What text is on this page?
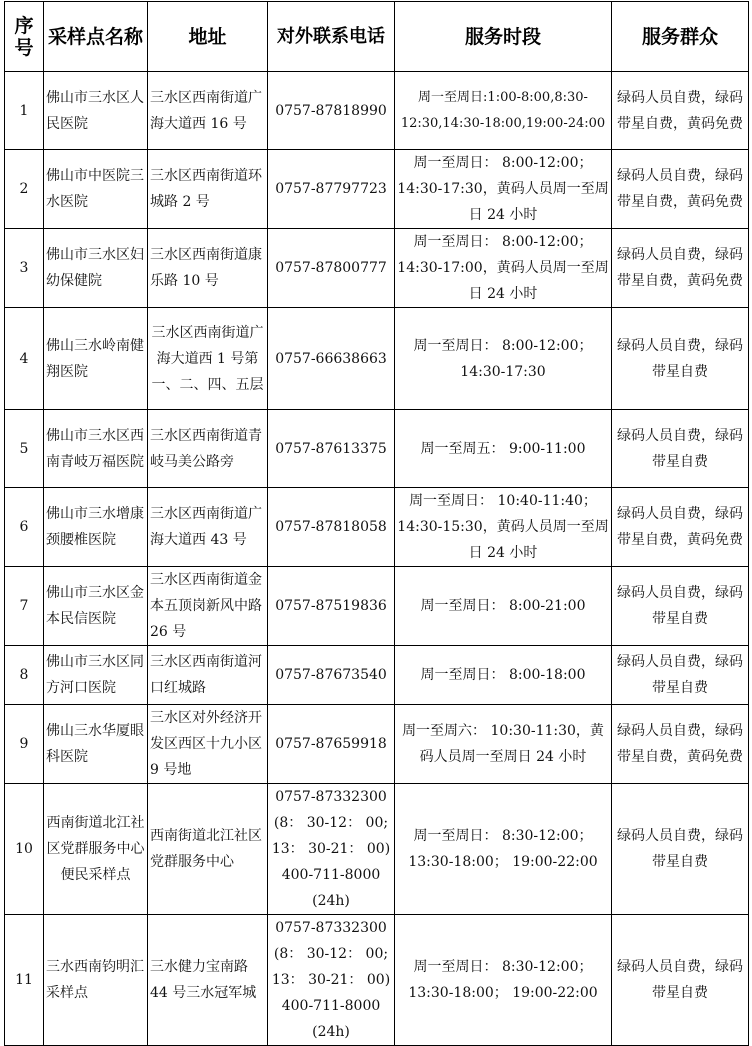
序号	采样点名称	地址	对外联系电话	服务时段	服务群众
1	佛山市三水区人民医院	三水区西南街道广海大道西 16 号	0757-87818990	周一至周日:1:00-8:00,8:30-12:30,14:30-18:00,19:00-24:00	绿码人员自费，绿码带星自费，黄码免费
2	佛山市中医院三水医院	三水区西南街道环城路 2 号	0757-87797723	周一至周日： 8:00-12:00；14:30-17:30，黄码人员周一至周日 24 小时	绿码人员自费，绿码带星自费，黄码免费
3	佛山市三水区妇幼保健院	三水区西南街道康乐路 10 号	0757-87800777	周一至周日： 8:00-12:00；14:30-17:00，黄码人员周一至周日 24 小时	绿码人员自费，绿码带星自费，黄码免费
4	佛山三水岭南健翔医院	三水区西南街道广海大道西 1 号第一、二、四、五层	0757-66638663	周一至周日： 8:00-12:00；14:30-17:30	绿码人员自费，绿码带星自费
5	佛山市三水区西南青岐万福医院	三水区西南街道青岐马美公路旁	0757-87613375	周一至周五： 9:00-11:00	绿码人员自费，绿码带星自费
6	佛山市三水增康颈腰椎医院	三水区西南街道广海大道西 43 号	0757-87818058	周一至周日： 10:40-11:40；14:30-15:30，黄码人员周一至周日 24 小时	绿码人员自费，绿码带星自费，黄码免费
7	佛山市三水区金本民信医院	三水区西南街道金本五顶岗新风中路 26 号	0757-87519836	周一至周日： 8:00-21:00	绿码人员自费，绿码带星自费
8	佛山市三水区同方河口医院	三水区西南街道河口红城路	0757-87673540	周一至周日： 8:00-18:00	绿码人员自费，绿码带星自费
9	佛山三水华厦眼科医院	三水区对外经济开发区西区十九小区 9 号地	0757-87659918	周一至周六： 10:30-11:30，黄码人员周一至周日 24 小时	绿码人员自费，绿码带星自费，黄码免费
10	西南街道北江社区党群服务中心便民采样点	西南街道北江社区党群服务中心	0757-87332300
(8： 30-12： 00;
13： 30-21： 00)
400-711-8000
(24h)	周一至周日： 8:30-12:00；13:30-18:00； 19:00-22:00	绿码人员自费，绿码带星自费
11	三水西南钧明汇采样点	三水健力宝南路 44 号三水冠军城	0757-87332300
(8： 30-12： 00;
13： 30-21： 00)
400-711-8000
(24h)	周一至周日： 8:30-12:00；13:30-18:00； 19:00-22:00	绿码人员自费，绿码带星自费
